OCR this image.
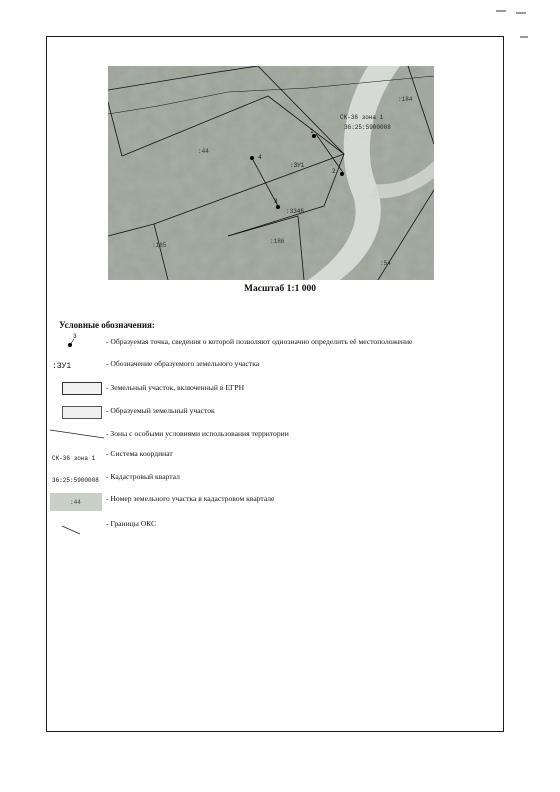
СК-36 зона 1
36:25:5900008
:ЗУ1
:44
:184
:185
:186
:54
:3346
1
2
3
4
Масштаб 1:1 000
Условные обозначения:
3
- Образуемая точка, сведения о которой позволяют однозначно определить её местоположение
:ЗУ1	- Обозначение образуемого земельного участка
- Земельный участок, включенный в ЕГРН
- Образуемый земельный участок
- Зоны с особыми условиями использования территории
СК-36 зона 1
- Система координат
36:25:5900008 - Кадастровый квартал
:44	- Номер земельного участка в кадастровом квартале
- Границы ОКС
